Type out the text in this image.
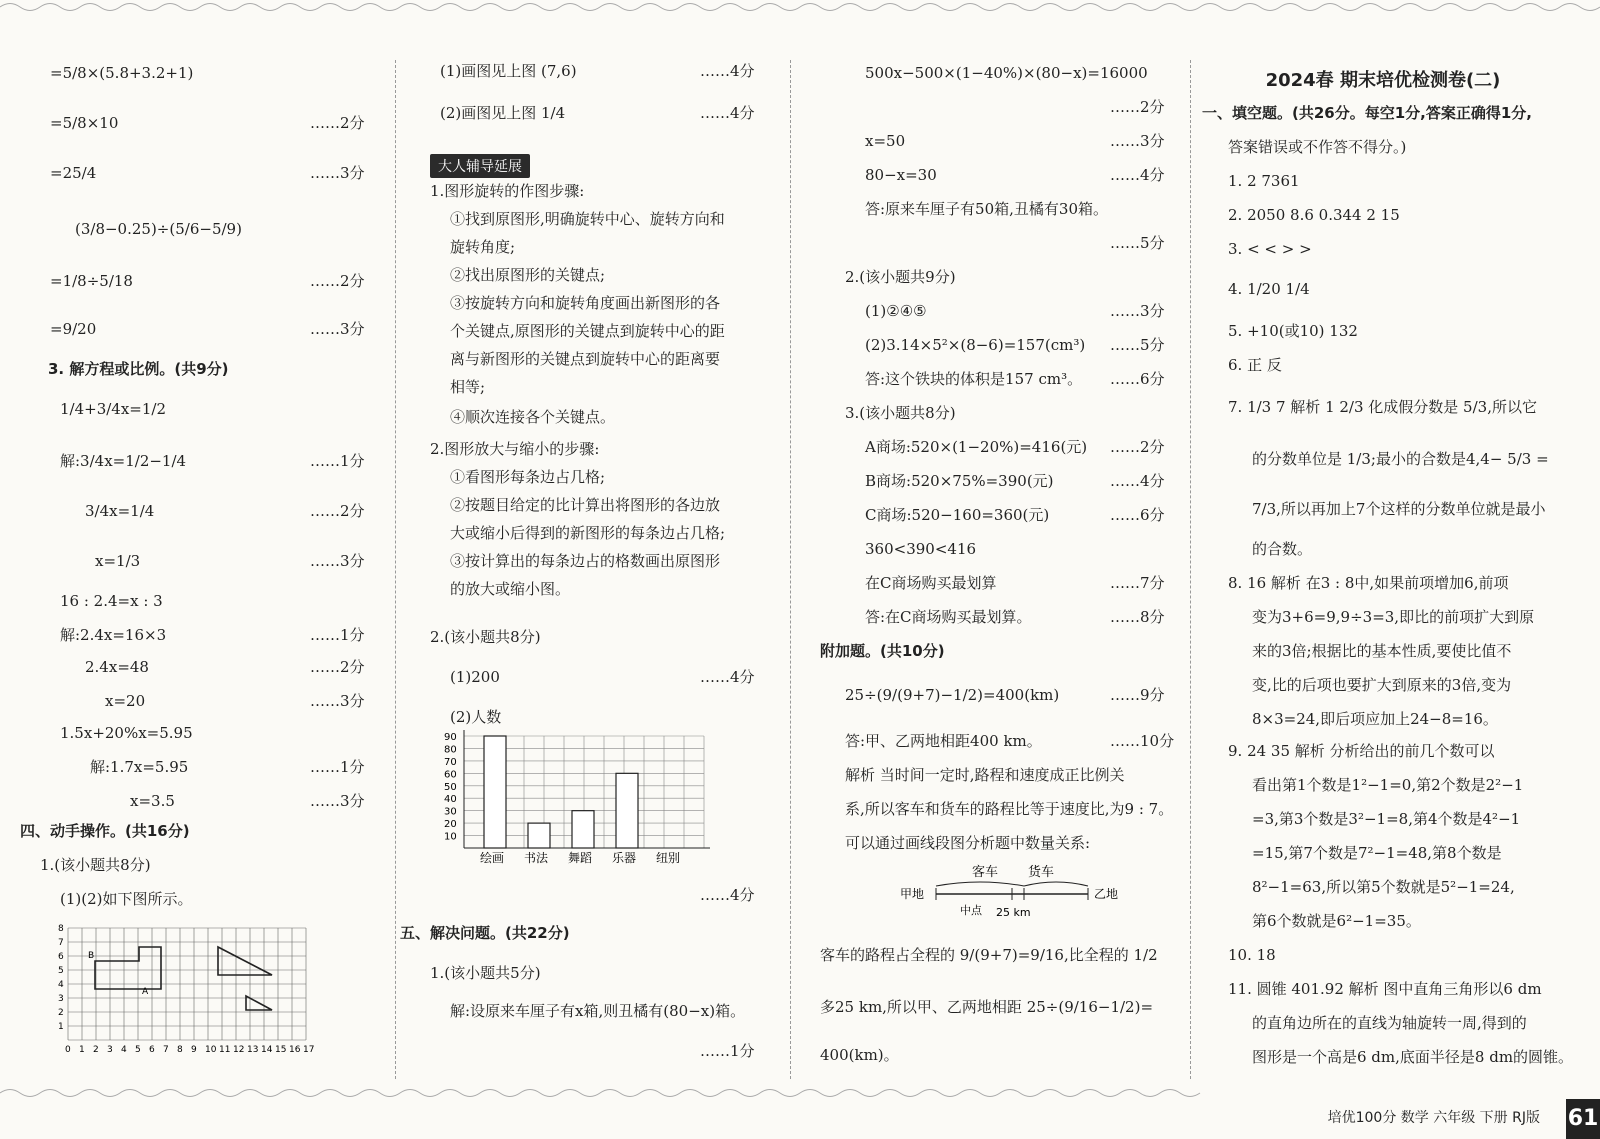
=5/8×(5.8+3.2+1)
=5/8×10	……2分
=25/4	……3分
(3/8−0.25)÷(5/6−5/9)
=1/8÷5/18	……2分
=9/20	……3分
3. 解方程或比例。(共9分)
1/4+3/4x=1/2
解:3/4x=1/2−1/4	……1分
3/4x=1/4	……2分
x=1/3	……3分
16 : 2.4=x : 3
解:2.4x=16×3	……1分
2.4x=48	……2分
x=20	……3分
1.5x+20%x=5.95
解:1.7x=5.95	……1分
x=3.5	……3分
四、动手操作。(共16分)
1.(该小题共8分)
(1)(2)如下图所示。
B
A
0 1 2 3 4 5 6 7 8 9 10 11 12 13 14 15 16 17
1
2
3
4
5
6
7
8
(1)画图见上图 (7,6)	……4分
(2)画图见上图 1/4	……4分
大人辅导延展
1.图形旋转的作图步骤:
①找到原图形,明确旋转中心、旋转方向和
旋转角度;
②找出原图形的关键点;
③按旋转方向和旋转角度画出新图形的各
个关键点,原图形的关键点到旋转中心的距
离与新图形的关键点到旋转中心的距离要
相等;
④顺次连接各个关键点。
2.图形放大与缩小的步骤:
①看图形每条边占几格;
②按题目给定的比计算出将图形的各边放
大或缩小后得到的新图形的每条边占几格;
③按计算出的每条边占的格数画出原图形
的放大或缩小图。
2.(该小题共8分)
(1)200	……4分
(2)人数
10
20
30
40
50
60
70
80
90
绘画 书法 舞蹈 乐器 纽别
……4分
五、解决问题。(共22分)
1.(该小题共5分)
解:设原来车厘子有x箱,则丑橘有(80−x)箱。
……1分
500x−500×(1−40%)×(80−x)=16000
……2分
x=50	……3分
80−x=30	……4分
答:原来车厘子有50箱,丑橘有30箱。
……5分
2.(该小题共9分)
(1)②④⑤	……3分
(2)3.14×5²×(8−6)=157(cm³)	……5分
答:这个铁块的体积是157 cm³。	……6分
3.(该小题共8分)
A商场:520×(1−20%)=416(元)	……2分
B商场:520×75%=390(元)	……4分
C商场:520−160=360(元)	……6分
360<390<416
在C商场购买最划算	……7分
答:在C商场购买最划算。	……8分
附加题。(共10分)
25÷(9/(9+7)−1/2)=400(km)	……9分
答:甲、乙两地相距400 km。	……10分
解析 当时间一定时,路程和速度成正比例关
系,所以客车和货车的路程比等于速度比,为9 : 7。
可以通过画线段图分析题中数量关系:
客车 货车
甲地	乙地
中点 25 km
客车的路程占全程的 9/(9+7)=9/16,比全程的 1/2
多25 km,所以甲、乙两地相距 25÷(9/16−1/2)=
400(km)。
2024春 期末培优检测卷(二)
一、填空题。(共26分。每空1分,答案正确得1分,
答案错误或不作答不得分。)
1. 2 7361
2. 2050 8.6 0.344 2 15
3. < < > >
4. 1/20 1/4
5. +10(或10) 132
6. 正 反
7. 1/3 7 解析 1 2/3 化成假分数是 5/3,所以它
的分数单位是 1/3;最小的合数是4,4− 5/3 =
7/3,所以再加上7个这样的分数单位就是最小
的合数。
8. 16 解析 在3 : 8中,如果前项增加6,前项
变为3+6=9,9÷3=3,即比的前项扩大到原
来的3倍;根据比的基本性质,要使比值不
变,比的后项也要扩大到原来的3倍,变为
8×3=24,即后项应加上24−8=16。
9. 24 35 解析 分析给出的前几个数可以
看出第1个数是1²−1=0,第2个数是2²−1
=3,第3个数是3²−1=8,第4个数是4²−1
=15,第7个数是7²−1=48,第8个数是
8²−1=63,所以第5个数就是5²−1=24,
第6个数就是6²−1=35。
10. 18
11. 圆锥 401.92 解析 图中直角三角形以6 dm
的直角边所在的直线为轴旋转一周,得到的
图形是一个高是6 dm,底面半径是8 dm的圆锥。
培优100分 数学 六年级 下册 RJ版 61
